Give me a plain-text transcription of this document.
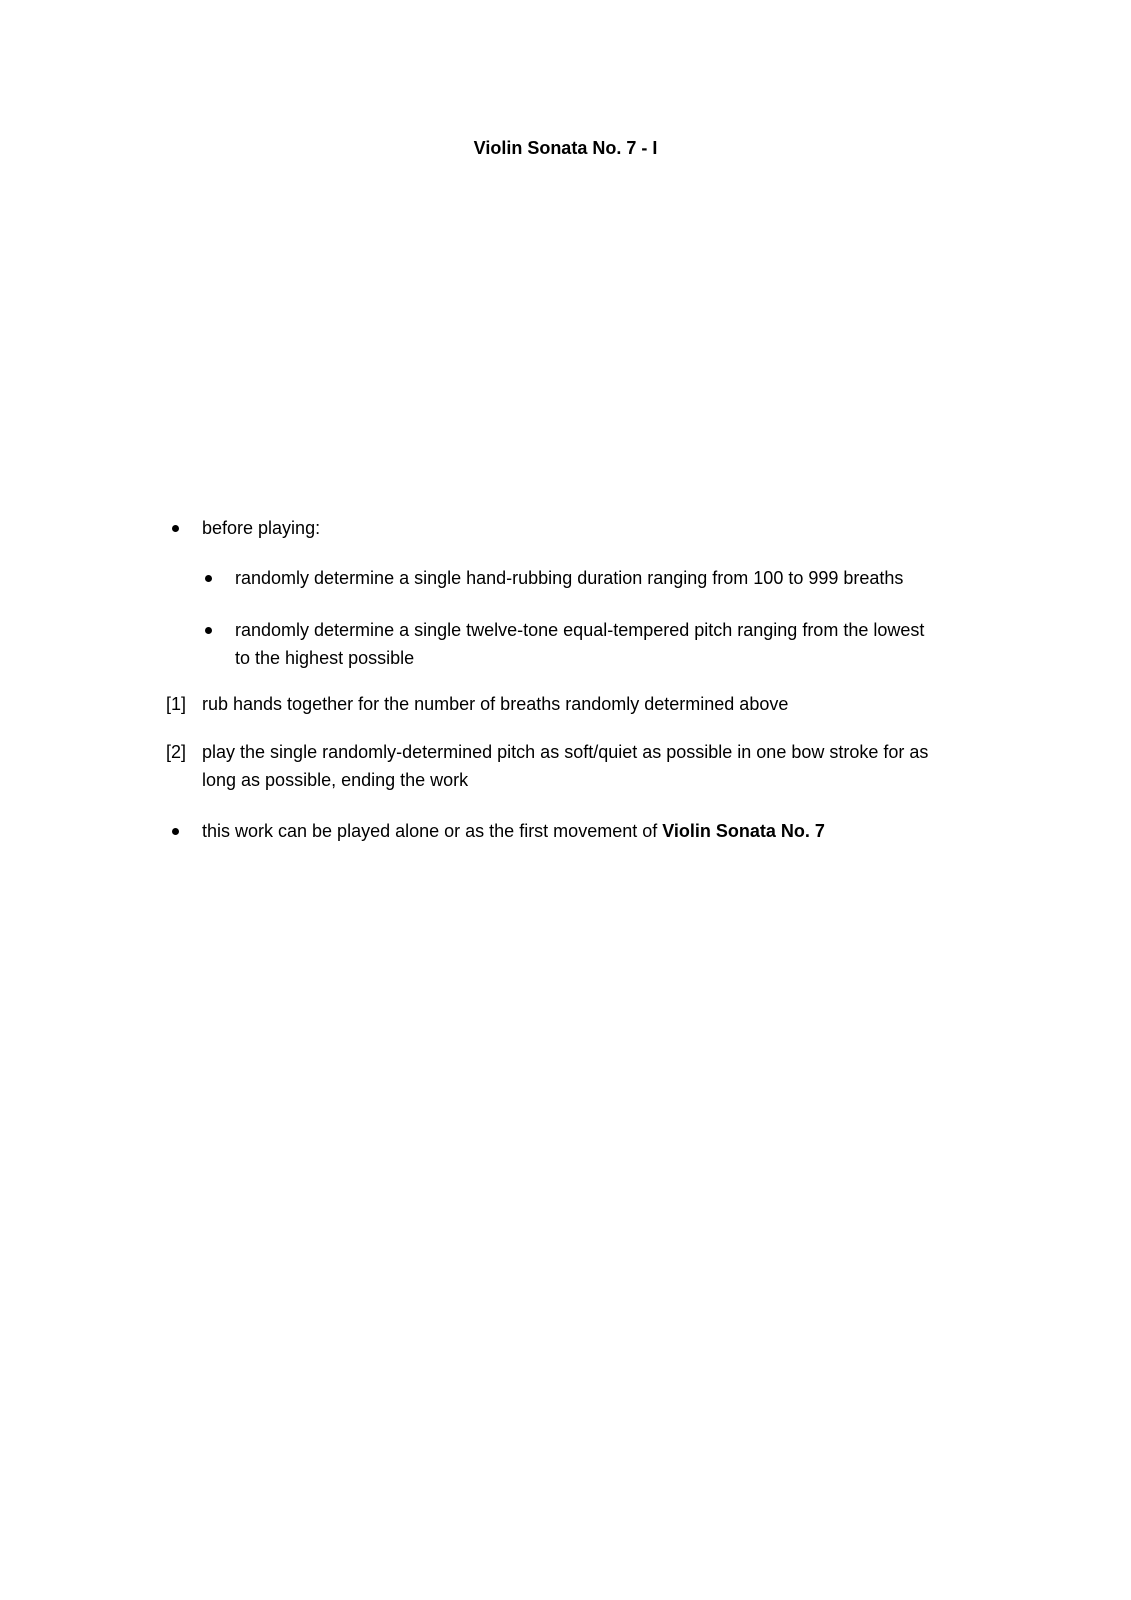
Violin Sonata No. 7 - I
before playing:
randomly determine a single hand-rubbing duration ranging from 100 to 999 breaths
randomly determine a single twelve-tone equal-tempered pitch ranging from the lowest
to the highest possible
[1] rub hands together for the number of breaths randomly determined above
[2] play the single randomly-determined pitch as soft/quiet as possible in one bow stroke for as
long as possible, ending the work
this work can be played alone or as the first movement of Violin Sonata No. 7
